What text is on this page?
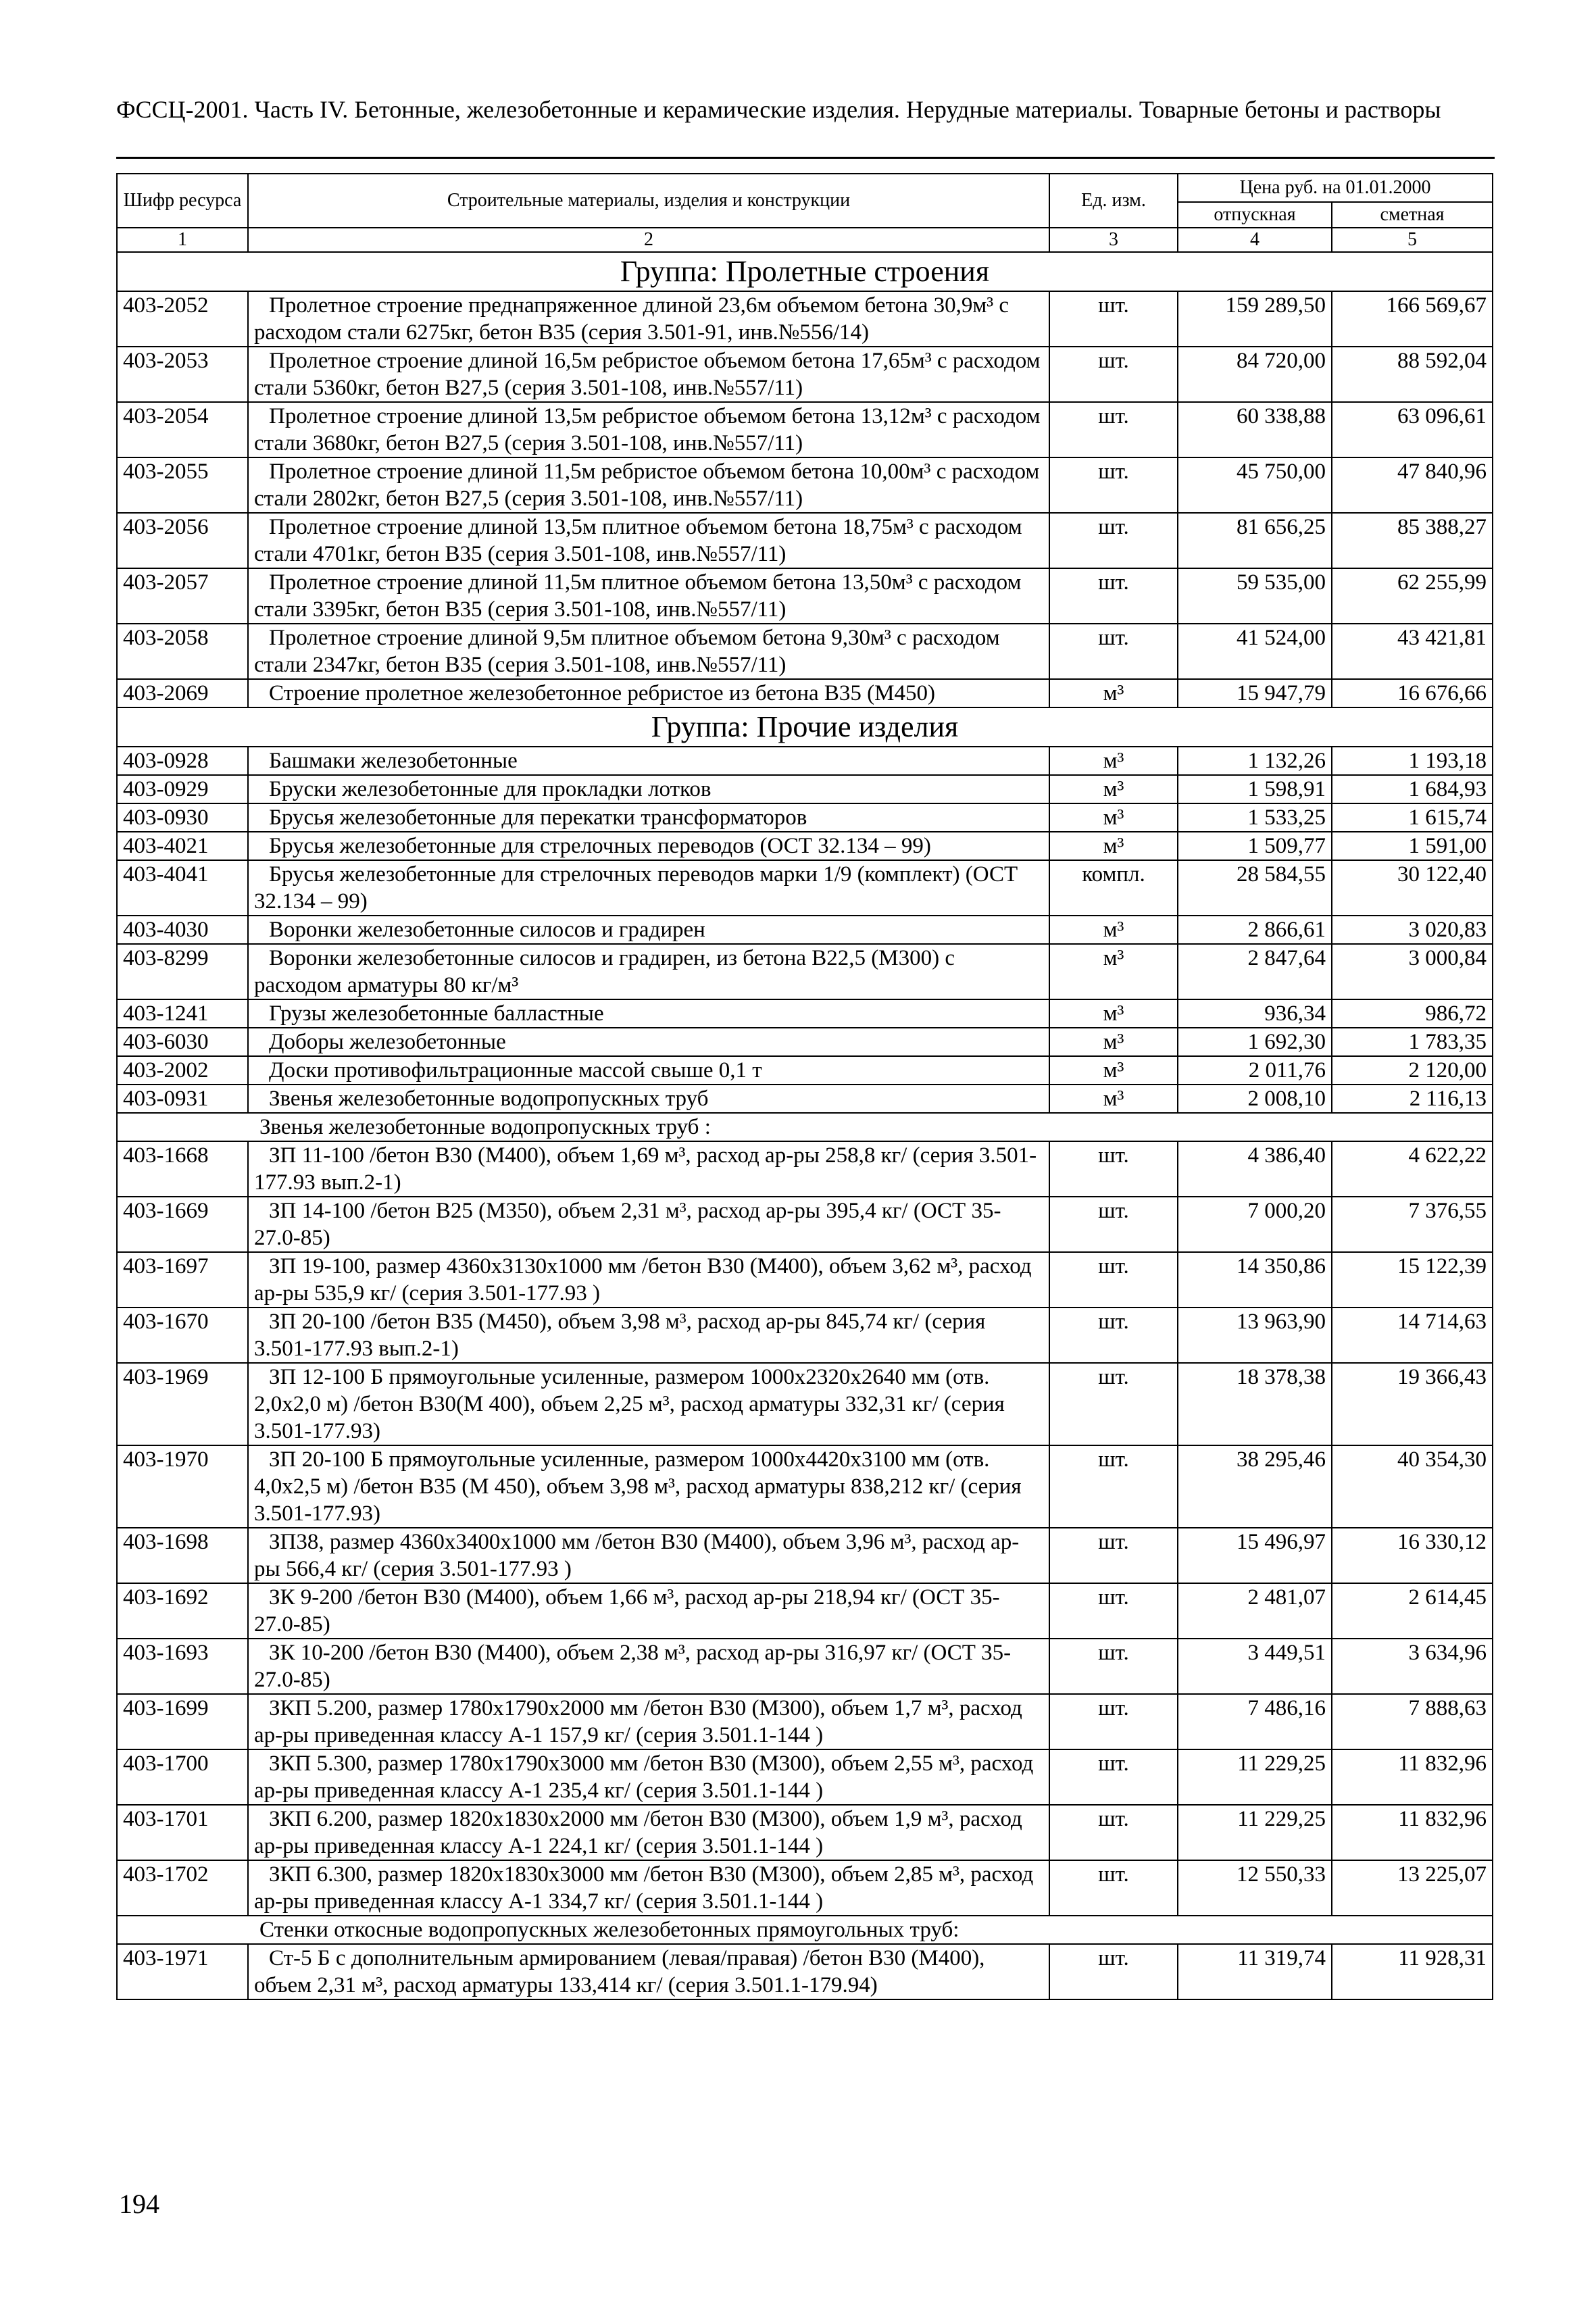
ФССЦ-2001. Часть IV. Бетонные, железобетонные и керамические изделия. Нерудные материалы. Товарные бетоны и растворы
Шифр ресурса	Строительные материалы, изделия и конструкции	Ед. изм.	Цена руб. на 01.01.2000	
			отпускная	сметная
1	2	3	4	5
Группа: Пролетные строения				
403-2052	Пролетное строение преднапряженное длиной 23,6м объемом бетона 30,9м³ с расходом стали 6275кг, бетон В35 (серия 3.501-91, инв.№556/14)	шт.	159 289,50	166 569,67
403-2053	Пролетное строение длиной 16,5м ребристое объемом бетона 17,65м³ с расходом стали 5360кг, бетон В27,5 (серия 3.501-108, инв.№557/11)	шт.	84 720,00	88 592,04
403-2054	Пролетное строение длиной 13,5м ребристое объемом бетона 13,12м³ с расходом стали 3680кг, бетон В27,5 (серия 3.501-108, инв.№557/11)	шт.	60 338,88	63 096,61
403-2055	Пролетное строение длиной 11,5м ребристое объемом бетона 10,00м³ с расходом стали 2802кг, бетон В27,5 (серия 3.501-108, инв.№557/11)	шт.	45 750,00	47 840,96
403-2056	Пролетное строение длиной 13,5м плитное объемом бетона 18,75м³ с расходом стали 4701кг, бетон В35 (серия 3.501-108, инв.№557/11)	шт.	81 656,25	85 388,27
403-2057	Пролетное строение длиной 11,5м плитное объемом бетона 13,50м³ с расходом стали 3395кг, бетон В35 (серия 3.501-108, инв.№557/11)	шт.	59 535,00	62 255,99
403-2058	Пролетное строение длиной 9,5м плитное объемом бетона 9,30м³ с расходом стали 2347кг, бетон В35 (серия 3.501-108, инв.№557/11)	шт.	41 524,00	43 421,81
403-2069	Строение пролетное железобетонное ребристое из бетона В35 (М450)	м³	15 947,79	16 676,66
Группа: Прочие изделия				
403-0928	Башмаки железобетонные	м³	1 132,26	1 193,18
403-0929	Бруски железобетонные для прокладки лотков	м³	1 598,91	1 684,93
403-0930	Брусья железобетонные для перекатки трансформаторов	м³	1 533,25	1 615,74
403-4021	Брусья железобетонные для стрелочных переводов (ОСТ 32.134 – 99)	м³	1 509,77	1 591,00
403-4041	Брусья железобетонные для стрелочных переводов марки 1/9 (комплект) (ОСТ 32.134 – 99)	компл.	28 584,55	30 122,40
403-4030	Воронки железобетонные силосов и градирен	м³	2 866,61	3 020,83
403-8299	Воронки железобетонные силосов и градирен, из бетона В22,5 (М300) с расходом арматуры 80 кг/м³	м³	2 847,64	3 000,84
403-1241	Грузы железобетонные балластные	м³	936,34	986,72
403-6030	Доборы железобетонные	м³	1 692,30	1 783,35
403-2002	Доски противофильтрационные массой свыше 0,1 т	м³	2 011,76	2 120,00
403-0931	Звенья железобетонные водопропускных труб	м³	2 008,10	2 116,13
Звенья железобетонные водопропускных труб :				
403-1668	ЗП 11-100 /бетон В30 (М400), объем 1,69 м³, расход ар-ры 258,8 кг/ (серия 3.501-177.93 вып.2-1)	шт.	4 386,40	4 622,22
403-1669	ЗП 14-100 /бетон В25 (М350), объем 2,31 м³, расход ар-ры 395,4 кг/ (ОСТ 35-27.0-85)	шт.	7 000,20	7 376,55
403-1697	ЗП 19-100, размер 4360х3130х1000 мм /бетон В30 (М400), объем 3,62 м³, расход ар-ры 535,9 кг/ (серия 3.501-177.93 )	шт.	14 350,86	15 122,39
403-1670	ЗП 20-100 /бетон В35 (М450), объем 3,98 м³, расход ар-ры 845,74 кг/ (серия 3.501-177.93 вып.2-1)	шт.	13 963,90	14 714,63
403-1969	ЗП 12-100 Б прямоугольные усиленные, размером 1000х2320х2640 мм (отв. 2,0х2,0 м) /бетон В30(М 400), объем 2,25 м³, расход арматуры 332,31 кг/ (серия 3.501-177.93)	шт.	18 378,38	19 366,43
403-1970	ЗП 20-100 Б прямоугольные усиленные, размером 1000х4420х3100 мм (отв. 4,0х2,5 м) /бетон В35 (М 450), объем 3,98 м³, расход арматуры 838,212 кг/ (серия 3.501-177.93)	шт.	38 295,46	40 354,30
403-1698	ЗП38, размер 4360х3400х1000 мм /бетон В30 (М400), объем 3,96 м³, расход ар-ры 566,4 кг/ (серия 3.501-177.93 )	шт.	15 496,97	16 330,12
403-1692	ЗК 9-200 /бетон В30 (М400), объем 1,66 м³, расход ар-ры 218,94 кг/ (ОСТ 35-27.0-85)	шт.	2 481,07	2 614,45
403-1693	ЗК 10-200 /бетон В30 (М400), объем 2,38 м³, расход ар-ры 316,97 кг/ (ОСТ 35-27.0-85)	шт.	3 449,51	3 634,96
403-1699	ЗКП 5.200, размер 1780х1790х2000 мм /бетон В30 (М300), объем 1,7 м³, расход ар-ры приведенная классу А-1 157,9 кг/ (серия 3.501.1-144 )	шт.	7 486,16	7 888,63
403-1700	ЗКП 5.300, размер 1780х1790х3000 мм /бетон В30 (М300), объем 2,55 м³, расход ар-ры приведенная классу А-1 235,4 кг/ (серия 3.501.1-144 )	шт.	11 229,25	11 832,96
403-1701	ЗКП 6.200, размер 1820х1830х2000 мм /бетон В30 (М300), объем 1,9 м³, расход ар-ры приведенная классу А-1 224,1 кг/ (серия 3.501.1-144 )	шт.	11 229,25	11 832,96
403-1702	ЗКП 6.300, размер 1820х1830х3000 мм /бетон В30 (М300), объем 2,85 м³, расход ар-ры приведенная классу А-1 334,7 кг/ (серия 3.501.1-144 )	шт.	12 550,33	13 225,07
Стенки откосные водопропускных железобетонных прямоугольных труб:				
403-1971	Ст-5 Б с дополнительным армированием (левая/правая) /бетон В30 (М400), объем 2,31 м³, расход арматуры 133,414 кг/ (серия 3.501.1-179.94)	шт.	11 319,74	11 928,31
194
